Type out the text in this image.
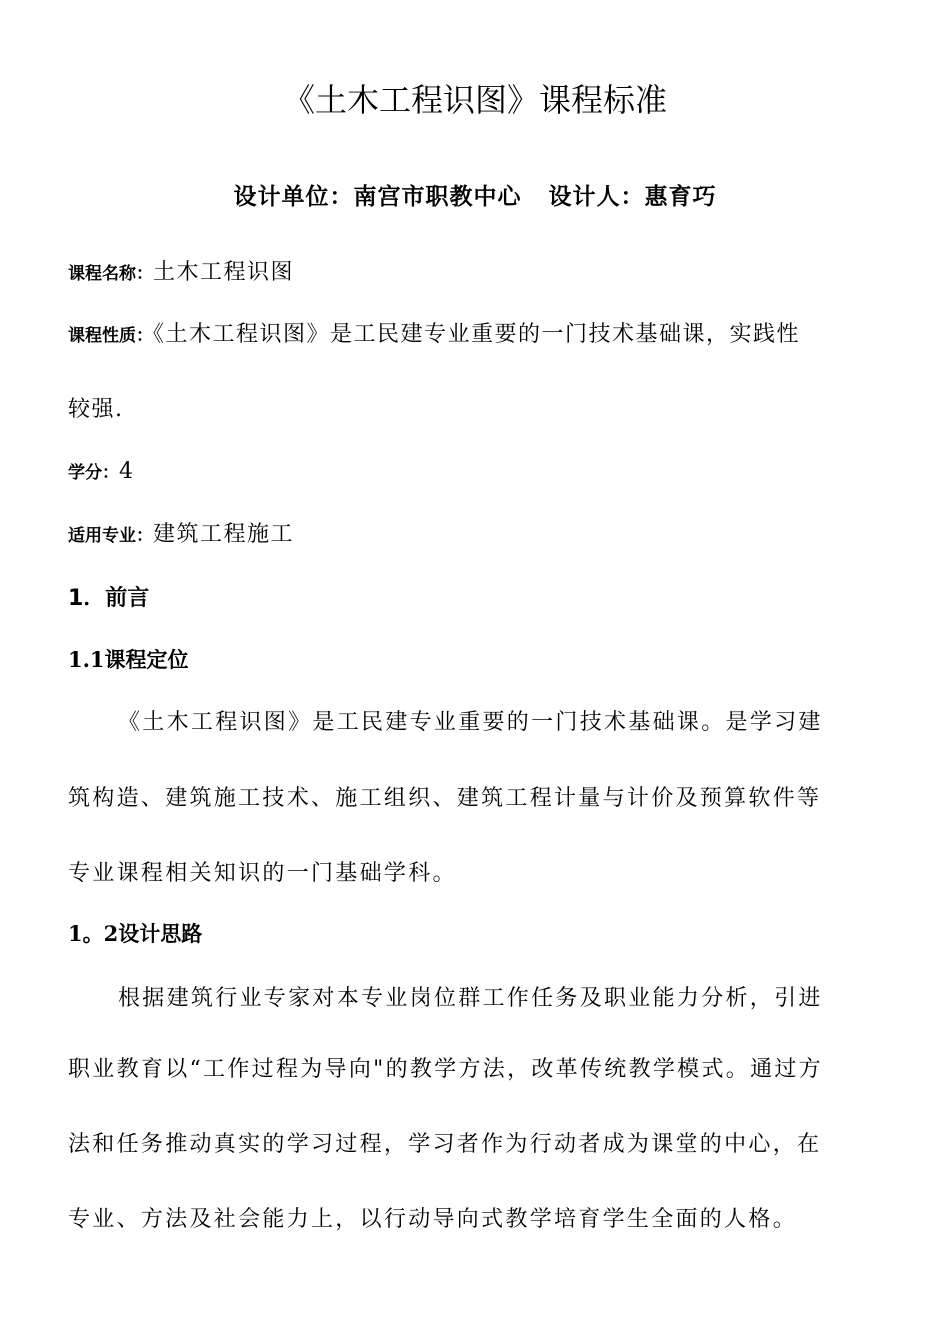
《土木工程识图》课程标准
设计单位：南宫市职教中心   设计人：惠育巧
课程名称：土木工程识图
课程性质：《土木工程识图》是工民建专业重要的一门技术基础课，实践性
较强.
学分：4
适用专业：建筑工程施工
1．前言
1.1课程定位
《土木工程识图》是工民建专业重要的一门技术基础课。是学习建
筑构造、建筑施工技术、施工组织、建筑工程计量与计价及预算软件等
专业课程相关知识的一门基础学科。
1。2设计思路
根据建筑行业专家对本专业岗位群工作任务及职业能力分析，引进
职业教育以“工作过程为导向"的教学方法，改革传统教学模式。通过方
法和任务推动真实的学习过程，学习者作为行动者成为课堂的中心，在
专业、方法及社会能力上，以行动导向式教学培育学生全面的人格。
